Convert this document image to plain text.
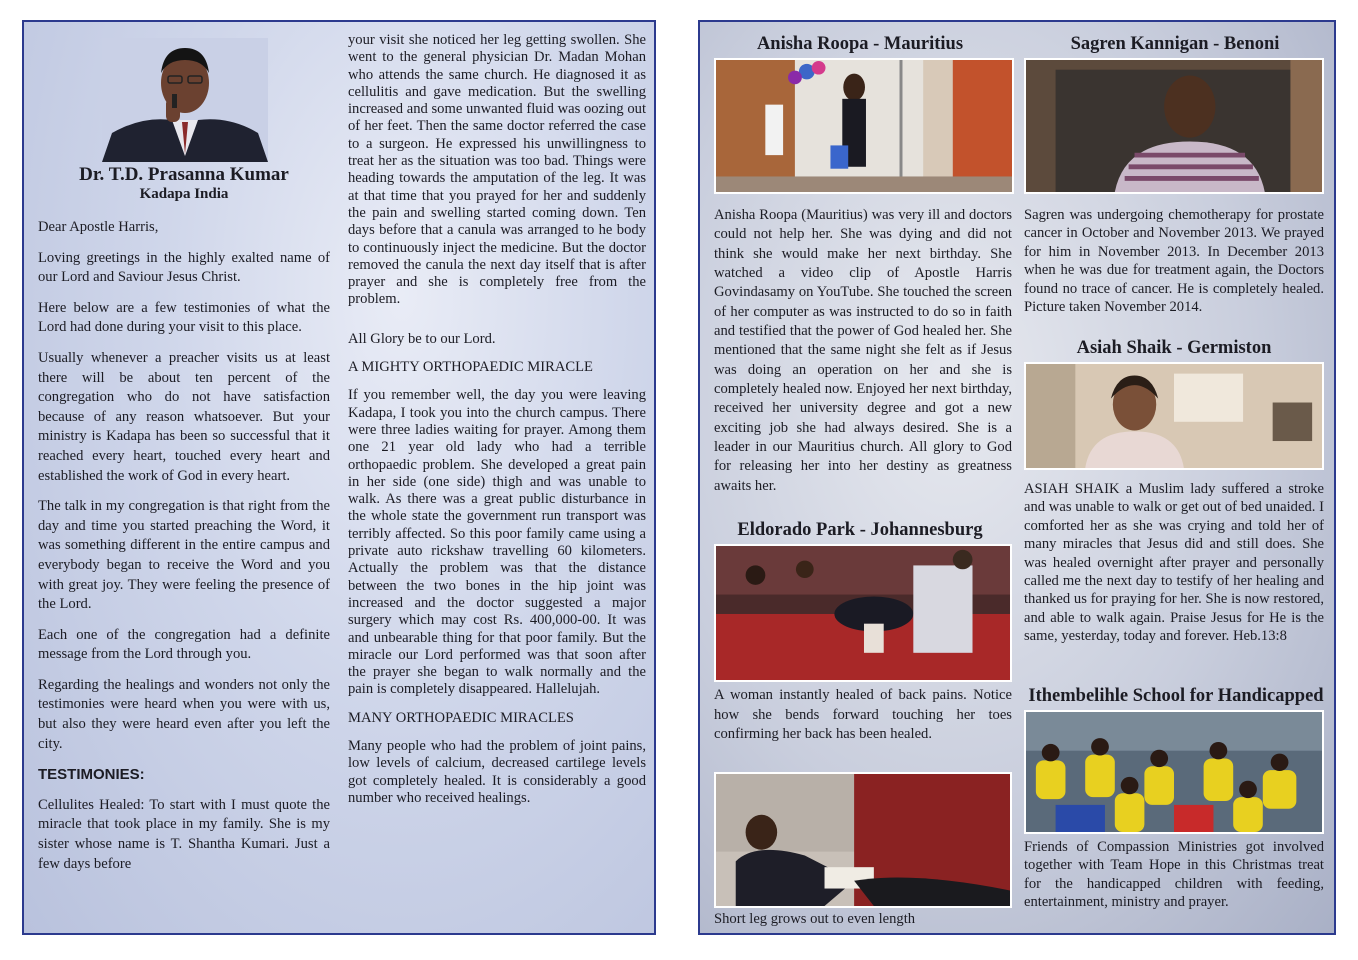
Dr. T.D. Prasanna Kumar
Kadapa India

Dear Apostle Harris,

Loving greetings in the highly exalted name of our Lord and Saviour Jesus Christ.

Here below are a few testimonies of what the Lord had done during your visit to this place.

Usually whenever a preacher visits us at least there will be about ten percent of the congregation who do not have satisfaction because of any reason whatsoever. But your ministry is Kadapa has been so successful that it reached every heart, touched every heart and established the work of God in every heart.

The talk in my congregation is that right from the day and time you started preaching the Word, it was something different in the entire campus and everybody began to receive the Word and you with great joy. They were feeling the presence of the Lord.

Each one of the congregation had a definite message from the Lord through you.

Regarding the healings and wonders not only the testimonies were heard when you were with us, but also they were heard even after you left the city.

TESTIMONIES:

Cellulites Healed: To start with I must quote the miracle that took place in my family. She is my sister whose name is T. Shantha Kumari. Just a few days before

your visit she noticed her leg getting swollen. She went to the general physician Dr. Madan Mohan who attends the same church. He diagnosed it as cellulitis and gave medication. But the swelling increased and some unwanted fluid was oozing out of her feet. Then the same doctor referred the case to a surgeon. He expressed his unwillingness to treat her as the situation was too bad. Things were heading towards the amputation of the leg. It was at that time that you prayed for her and suddenly the pain and swelling started coming down. Ten days before that a canula was arranged to he body to continuously inject the medicine. But the doctor removed the canula the next day itself that is after prayer and she is completely free from the problem.

All Glory be to our Lord.

A MIGHTY ORTHOPAEDIC MIRACLE

If you remember well, the day you were leaving Kadapa, I took you into the church campus. There were three ladies waiting for prayer. Among them one 21 year old lady who had a terrible orthopaedic problem. She developed a great pain in her side (one side) thigh and was unable to walk. As there was a great public disturbance in the whole state the government run transport was terribly affected. So this poor family came using a private auto rickshaw travelling 60 kilometers. Actually the problem was that the distance between the two bones in the hip joint was increased and the doctor suggested a major surgery which may cost Rs. 400,000-00. It was and unbearable thing for that poor family. But the miracle our Lord performed was that soon after the prayer she began to walk normally and the pain is completely disappeared. Hallelujah.

MANY ORTHOPAEDIC MIRACLES

Many people who had the problem of joint pains, low levels of calcium, decreased cartilege levels got completely healed. It is considerably a good number who received healings.

Anisha Roopa - Mauritius	Sagren Kannigan - Benoni
Anisha Roopa (Mauritius) was very ill and doctors could not help her. She was dying and did not think she would make her next birthday. She watched a video clip of Apostle Harris Govindasamy on YouTube. She touched the screen of her computer as was instructed to do so in faith and testified that the power of God healed her. She mentioned that the same night she felt as if Jesus was doing an operation on her and she is completely healed now. Enjoyed her next birthday, received her university degree and got a new exciting job she had always desired. She is a leader in our Mauritius church. All glory to God for releasing her into her destiny as greatness awaits her.
Sagren was undergoing chemotherapy for prostate cancer in October and November 2013. We prayed for him in November 2013. In December 2013 when he was due for treatment again, the Doctors found no trace of cancer. He is completely healed. Picture taken November 2014.
Asiah Shaik - Germiston
ASIAH SHAIK a Muslim lady suffered a stroke and was unable to walk or get out of bed unaided. I comforted her as she was crying and told her of many miracles that Jesus did and still does. She was healed overnight after prayer and personally called me the next day to testify of her healing and thanked us for praying for her. She is now restored, and able to walk again. Praise Jesus for He is the same, yesterday, today and forever. Heb.13:8
Eldorado Park - Johannesburg
A woman instantly healed of back pains. Notice how she bends forward touching her toes confirming her back has been healed.
Short leg grows out to even length
Ithembelihle School for Handicapped
Friends of Compassion Ministries got involved together with Team Hope in this Christmas treat for the handicapped children with feeding, entertainment, ministry and prayer.
